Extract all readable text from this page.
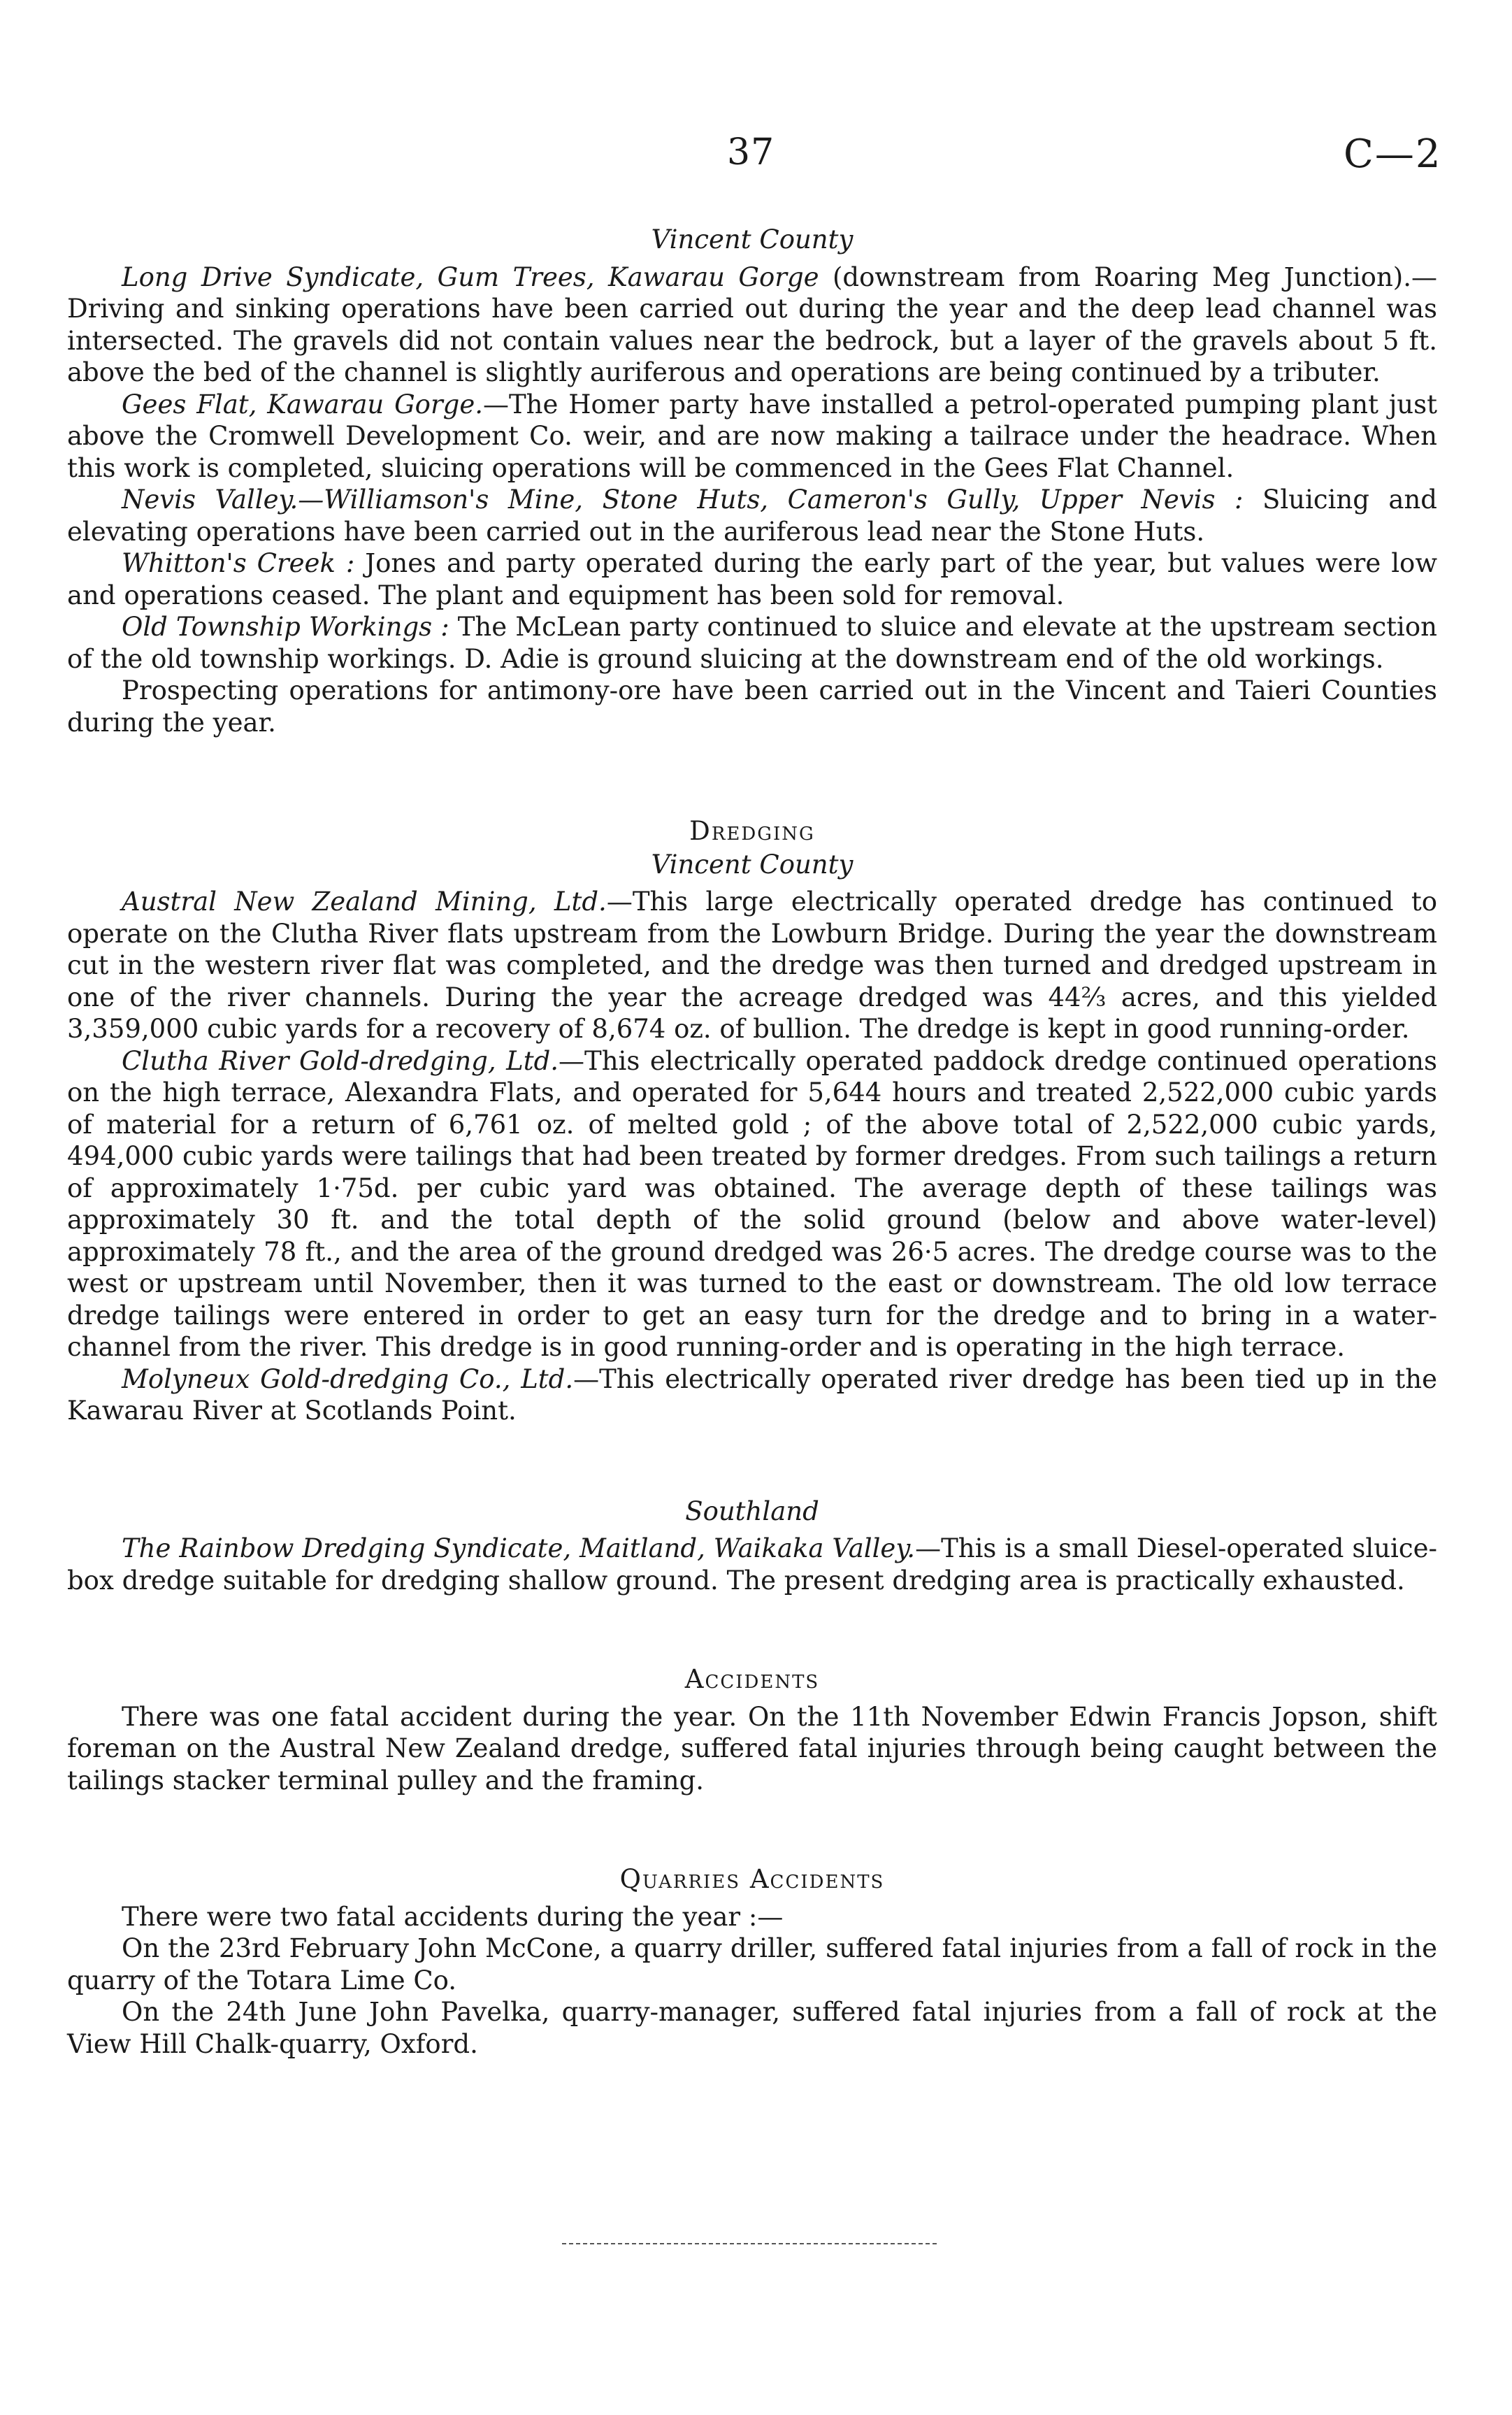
37	C—2
Vincent County

Long Drive Syndicate, Gum Trees, Kawarau Gorge (downstream from Roaring Meg Junction).—Driving and sinking operations have been carried out during the year and the deep lead channel was intersected. The gravels did not contain values near the bedrock, but a layer of the gravels about 5 ft. above the bed of the channel is slightly auriferous and operations are being continued by a tributer.

Gees Flat, Kawarau Gorge.—The Homer party have installed a petrol-operated pumping plant just above the Cromwell Development Co. weir, and are now making a tailrace under the headrace. When this work is completed, sluicing operations will be commenced in the Gees Flat Channel.

Nevis Valley.—Williamson's Mine, Stone Huts, Cameron's Gully, Upper Nevis : Sluicing and elevating operations have been carried out in the auriferous lead near the Stone Huts.

Whitton's Creek : Jones and party operated during the early part of the year, but values were low and operations ceased. The plant and equipment has been sold for removal.

Old Township Workings : The McLean party continued to sluice and elevate at the upstream section of the old township workings. D. Adie is ground sluicing at the downstream end of the old workings.

Prospecting operations for antimony-ore have been carried out in the Vincent and Taieri Counties during the year.

Dredging
Vincent County

Austral New Zealand Mining, Ltd.—This large electrically operated dredge has continued to operate on the Clutha River flats upstream from the Lowburn Bridge. During the year the downstream cut in the western river flat was completed, and the dredge was then turned and dredged upstream in one of the river channels. During the year the acreage dredged was 44⅔ acres, and this yielded 3,359,000 cubic yards for a recovery of 8,674 oz. of bullion. The dredge is kept in good running-order.

Clutha River Gold-dredging, Ltd.—This electrically operated paddock dredge continued operations on the high terrace, Alexandra Flats, and operated for 5,644 hours and treated 2,522,000 cubic yards of material for a return of 6,761 oz. of melted gold ; of the above total of 2,522,000 cubic yards, 494,000 cubic yards were tailings that had been treated by former dredges. From such tailings a return of approximately 1·75d. per cubic yard was obtained. The average depth of these tailings was approximately 30 ft. and the total depth of the solid ground (below and above water-level) approximately 78 ft., and the area of the ground dredged was 26·5 acres. The dredge course was to the west or upstream until November, then it was turned to the east or downstream. The old low terrace dredge tailings were entered in order to get an easy turn for the dredge and to bring in a water-channel from the river. This dredge is in good running-order and is operating in the high terrace.

Molyneux Gold-dredging Co., Ltd.—This electrically operated river dredge has been tied up in the Kawarau River at Scotlands Point.

Southland

The Rainbow Dredging Syndicate, Maitland, Waikaka Valley.—This is a small Diesel-operated sluice-box dredge suitable for dredging shallow ground. The present dredging area is practically exhausted.

Accidents

There was one fatal accident during the year. On the 11th November Edwin Francis Jopson, shift foreman on the Austral New Zealand dredge, suffered fatal injuries through being caught between the tailings stacker terminal pulley and the framing.

Quarries Accidents

There were two fatal accidents during the year :—

On the 23rd February John McCone, a quarry driller, suffered fatal injuries from a fall of rock in the quarry of the Totara Lime Co.

On the 24th June John Pavelka, quarry-manager, suffered fatal injuries from a fall of rock at the View Hill Chalk-quarry, Oxford.
